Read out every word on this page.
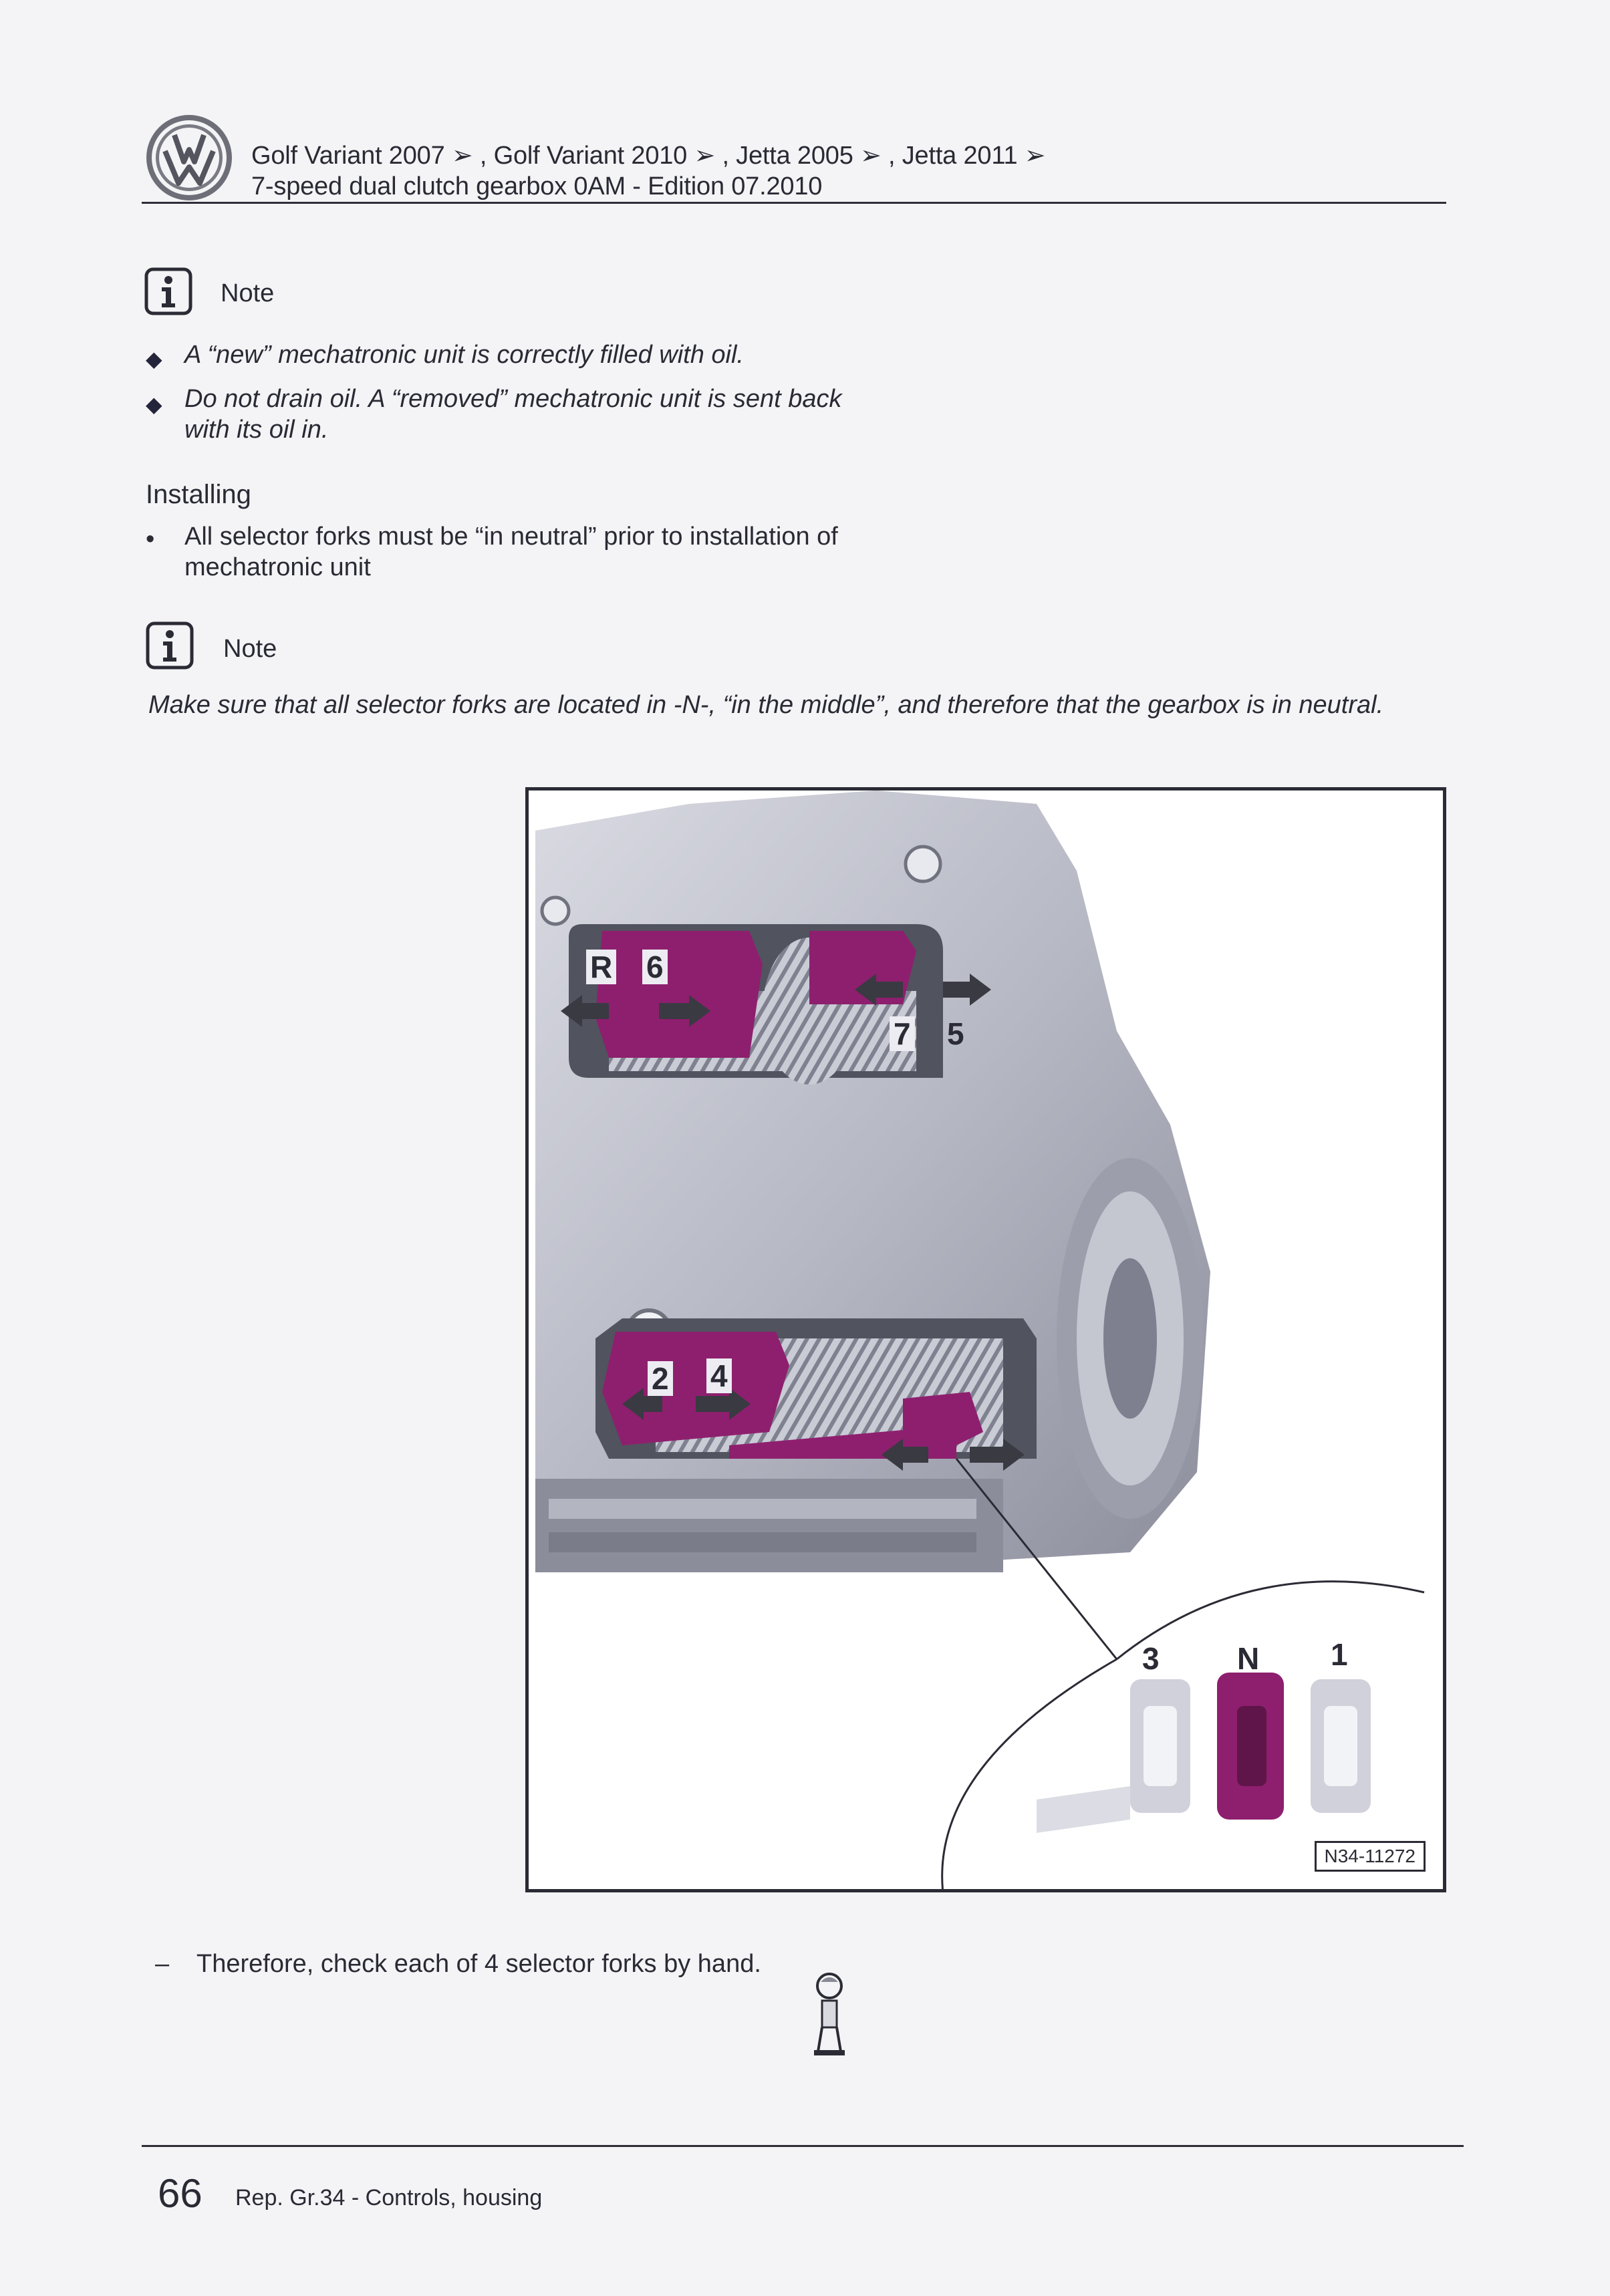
Golf Variant 2007 ➢ , Golf Variant 2010 ➢ , Jetta 2005 ➢ , Jetta 2011 ➢
7-speed dual clutch gearbox 0AM - Edition 07.2010
Note
◆ A “new” mechatronic unit is correctly filled with oil.
◆ Do not drain oil. A “removed” mechatronic unit is sent back
with its oil in.
Installing
• All selector forks must be “in neutral” prior to installation of
mechatronic unit
Note
Make sure that all selector forks are located in -N-, “in the middle”, and therefore that the gearbox is in neutral.
R 6
7 5
2 4
3	N 1
N34-11272
– Therefore, check each of 4 selector forks by hand.
66 Rep. Gr.34 - Controls, housing
